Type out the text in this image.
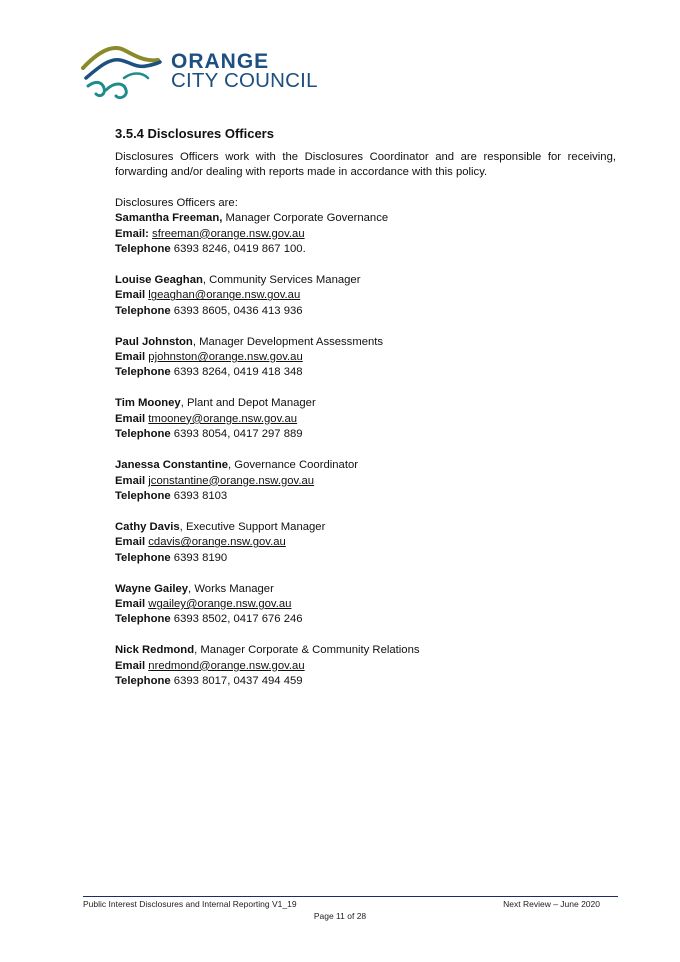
ORANGE
CITY COUNCIL
3.5.4 Disclosures Officers

Disclosures Officers work with the Disclosures Coordinator and are responsible for receiving, forwarding and/or dealing with reports made in accordance with this policy.

Disclosures Officers are:

Samantha Freeman, Manager Corporate Governance
Email: sfreeman@orange.nsw.gov.au
Telephone 6393 8246, 0419 867 100.
Louise Geaghan, Community Services Manager
Email lgeaghan@orange.nsw.gov.au
Telephone 6393 8605, 0436 413 936
Paul Johnston, Manager Development Assessments
Email pjohnston@orange.nsw.gov.au
Telephone 6393 8264, 0419 418 348
Tim Mooney, Plant and Depot Manager
Email tmooney@orange.nsw.gov.au
Telephone 6393 8054, 0417 297 889
Janessa Constantine, Governance Coordinator
Email jconstantine@orange.nsw.gov.au
Telephone 6393 8103
Cathy Davis, Executive Support Manager
Email cdavis@orange.nsw.gov.au
Telephone 6393 8190
Wayne Gailey, Works Manager
Email wgailey@orange.nsw.gov.au
Telephone 6393 8502, 0417 676 246
Nick Redmond, Manager Corporate & Community Relations
Email nredmond@orange.nsw.gov.au
Telephone 6393 8017, 0437 494 459
Public Interest Disclosures and Internal Reporting V1_19	Next Review – June 2020
Page 11 of 28
